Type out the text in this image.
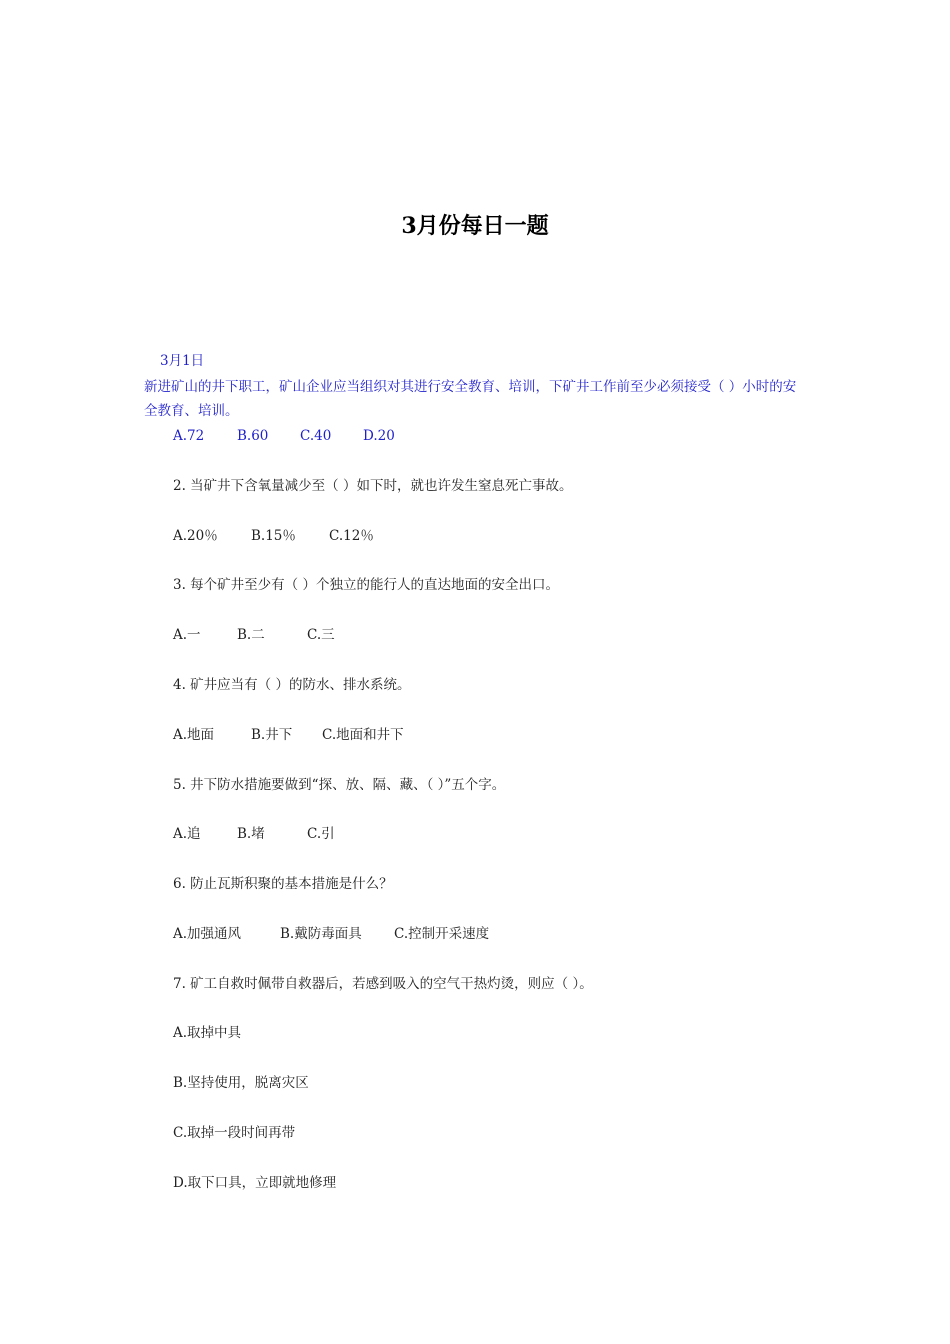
3月份每日一题
3月1日
新进矿山的井下职工，矿山企业应当组织对其进行安全教育、培训，下矿井工作前至少必须接受（ ）小时的安全教育、培训。
A.72 B.60 C.40 D.20
2. 当矿井下含氧量减少至（ ）如下时，就也许发生窒息死亡事故。
A.20％ B.15％ C.12％
3. 每个矿井至少有（ ）个独立的能行人的直达地面的安全出口。
A.一	B.二	C.三
4. 矿井应当有（ ）的防水、排水系统。
A.地面	B.井下 C.地面和井下
5. 井下防水措施要做到“探、放、隔、藏、（ ）”五个字。
A.追	B.堵	C.引
6. 防止瓦斯积聚的基本措施是什么？
A.加强通风	B.戴防毒面具 C.控制开采速度
7. 矿工自救时佩带自救器后，若感到吸入的空气干热灼烫，则应（ ）。
A.取掉中具
B.坚持使用，脱离灾区
C.取掉一段时间再带
D.取下口具，立即就地修理
